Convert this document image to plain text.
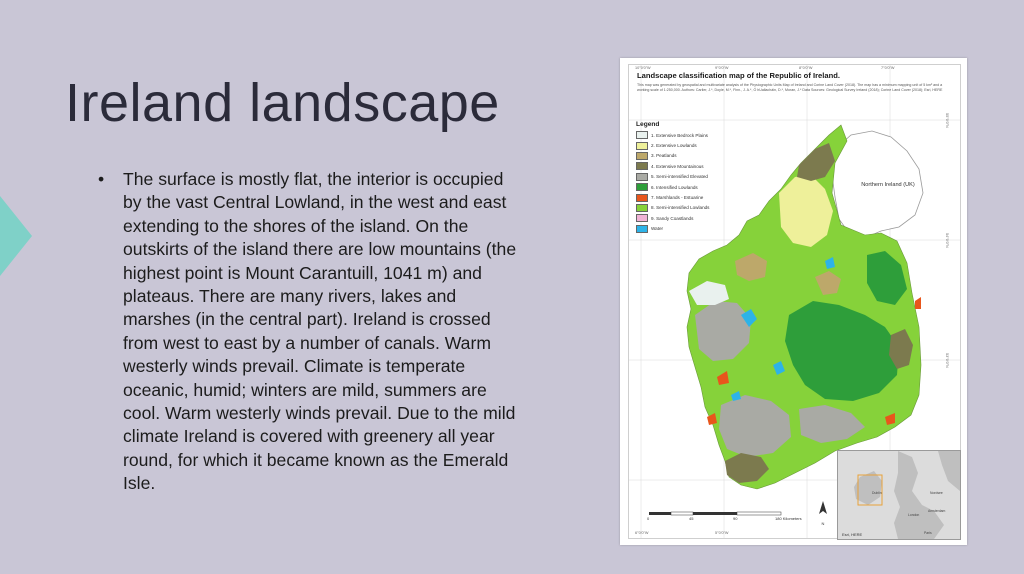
Ireland landscape
• The surface is mostly flat, the interior is occupied by the vast Central Lowland, in the west and east extending to the shores of the island. On the outskirts of the island there are low mountains (the highest point is Mount Carantuill, 1041 m) and plateaus. There are many rivers, lakes and marshes (in the central part). Ireland is crossed from west to east by a number of canals. Warm westerly winds prevail. Climate is temperate oceanic, humid; winters are mild, summers are cool. Warm westerly winds prevail. Due to the mild climate Ireland is covered with greenery all year round, for which it became known as the Emerald Isle.
Landscape classification map of the Republic of Ireland.

This map was generated by geospatial and multivariate analysis of the Physiographic Units Map of Ireland and Corine Land Cover (2018). The map has a minimum mapping unit of 5 km² and a working scale of 1:250,000. Authors: Carlier, J.*, Doyle, M.*, Finn., J. A.*, Ó hUallacháin, D.*, Moran, J.* Data Sources: Geological Survey Ireland (2018); Corine Land Cover (2018); Esri, HERE

Legend
1. Extensive Bedrock Plains
2. Extensive Lowlands
3. Peatlands
4. Extensive Mountainous
5. Semi-intensified Elevated
6. Intensified Lowlands
7. Marshlands - Estuarine
8. Semi-intensified Lowlands
9. Sandy Coastlands
Water
Northern Ireland (UK)
N
0	45	90	180 Kilometers
10°0'0"W	9°0'0"W	8°0'0"W	7°0'0"W
6°0'0"W	5°0'0"W
55°0'0"N
54°0'0"N
53°0'0"N
Dublin
London
Paris
Nordsee
Amsterdam
Esri, HERE
